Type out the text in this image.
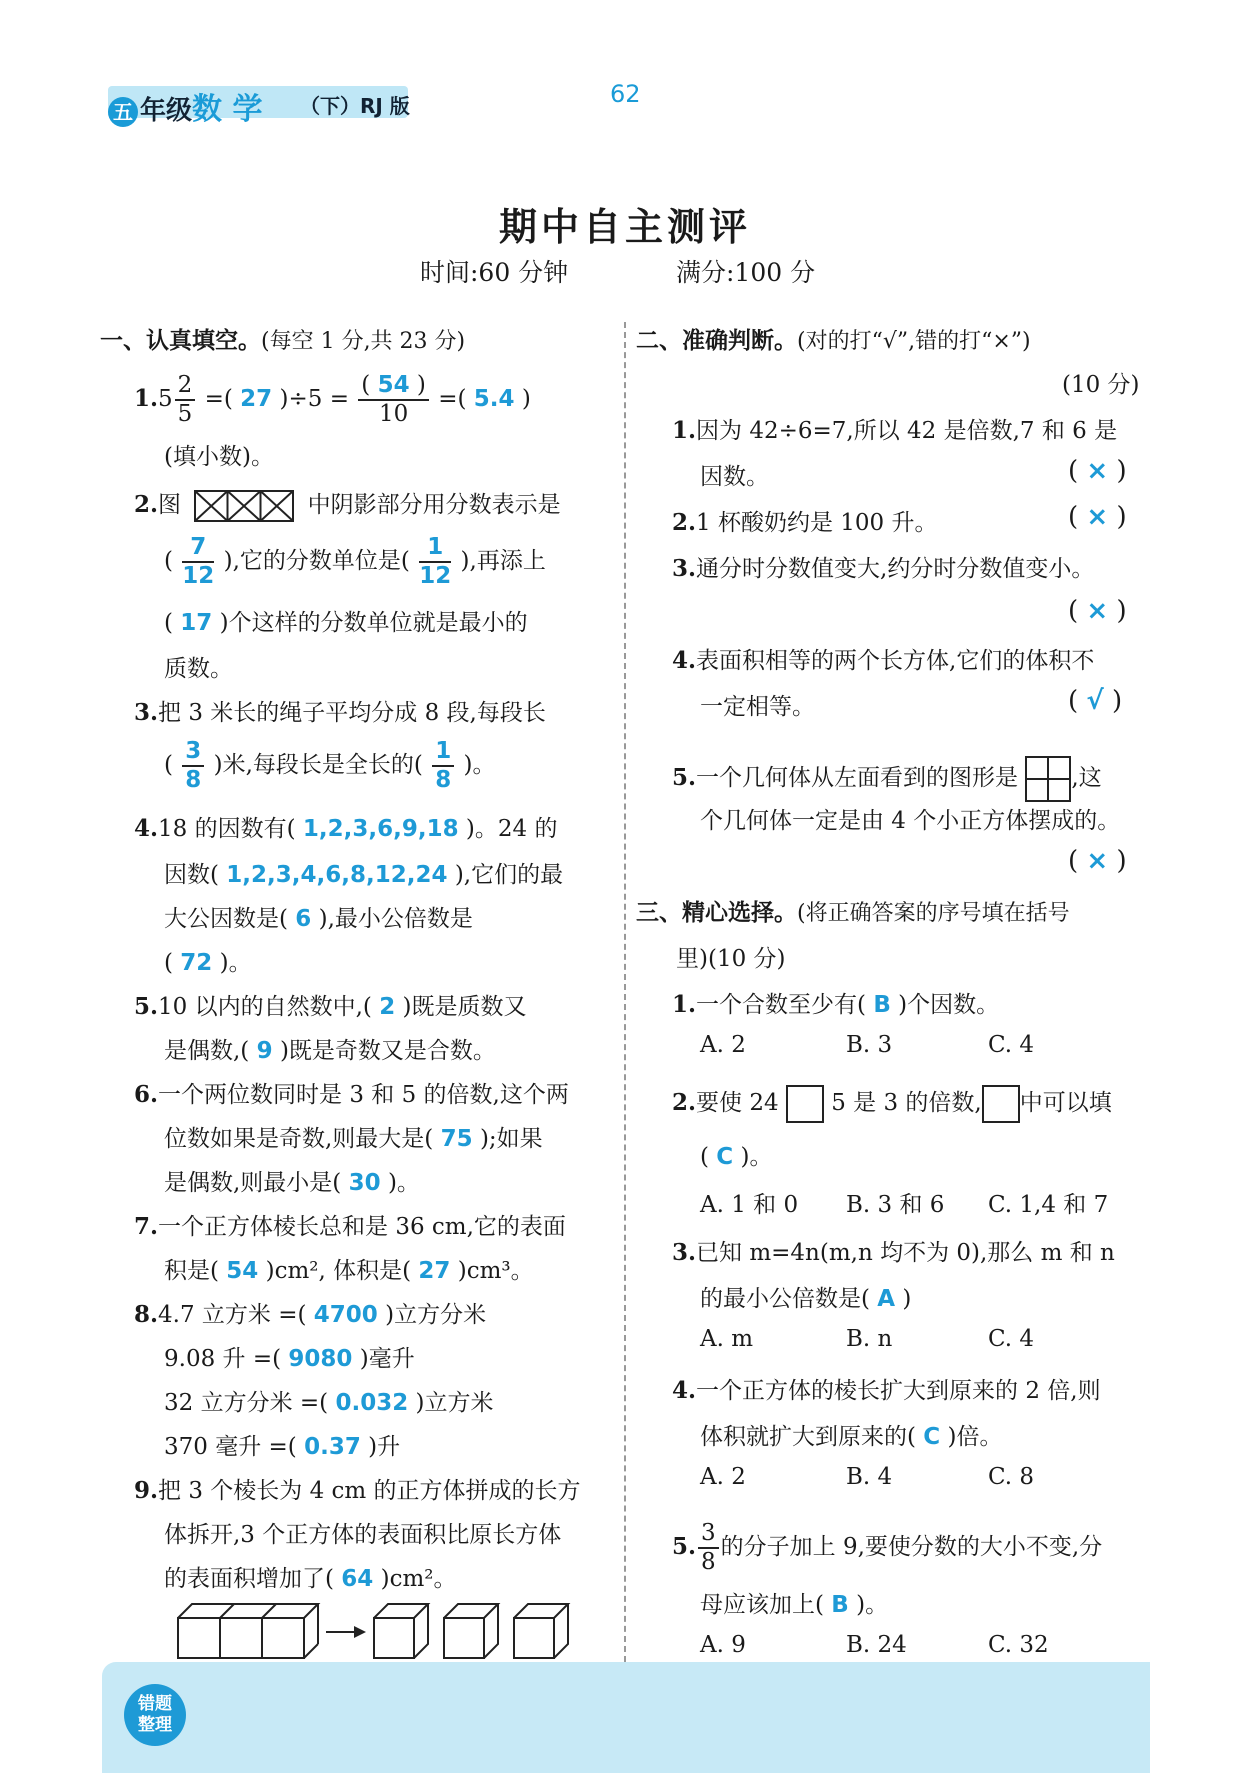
五 年级数 学 （下）RJ 版	62
期中自主测评
时间:60 分钟	满分:100 分
一、认真填空。(每空 1 分,共 23 分)
$1.5 \frac{2}{5}$ =( 27 )$\div 5 = \frac{( 54 )}{10}$ =( 5.4 )
(填小数)。
2.图	中阴影部分用分数表示是
( $\frac{7}{12}$ ),它的分数单位是( $\frac{1}{12}$ ),再添上
( 17 )个这样的分数单位就是最小的
质数。
3.把 3 米长的绳子平均分成 8 段,每段长
( $\frac{3}{8}$ )米,每段长是全长的( $\frac{1}{8}$ )。
4.18 的因数有( 1,2,3,6,9,18 )。24 的
因数( 1,2,3,4,6,8,12,24 ),它们的最
大公因数是( 6 ),最小公倍数是
( 72 )。
5.10 以内的自然数中,( 2 )既是质数又
是偶数,( 9 )既是奇数又是合数。
6.一个两位数同时是 3 和 5 的倍数,这个两
位数如果是奇数,则最大是( 75 );如果
是偶数,则最小是( 30 )。
7.一个正方体棱长总和是 36 cm,它的表面
积是( 54 )cm², 体积是( 27 )cm³。
8.4.7 立方米 =( 4700 )立方分米
9.08 升 =( 9080 )毫升
32 立方分米 =( 0.032 )立方米
370 毫升 =( 0.37 )升
9.把 3 个棱长为 4 cm 的正方体拼成的长方
体拆开,3 个正方体的表面积比原长方体
的表面积增加了( 64 )cm²。
二、准确判断。(对的打“√”,错的打“×”)
(10 分)
1.因为 42÷6=7,所以 42 是倍数,7 和 6 是
因数。	( × )
2.1 杯酸奶约是 100 升。	( × )
3.通分时分数值变大,约分时分数值变小。
( × )
4.表面积相等的两个长方体,它们的体积不
一定相等。	( √ )
5.一个几何体从左面看到的图形是 ,这
个几何体一定是由 4 个小正方体摆成的。
( × )
三、精心选择。(将正确答案的序号填在括号
里)(10 分)
1.一个合数至少有( B )个因数。
A. 2	B. 3	C. 4
2.要使 24 5 是 3 的倍数, 中可以填
( C )。
A. 1 和 0 B. 3 和 6 C. 1,4 和 7
3.已知 m=4n(m,n 均不为 0),那么 m 和 n
的最小公倍数是( A )
A. m	B. n	C. 4
4.一个正方体的棱长扩大到原来的 2 倍,则
体积就扩大到原来的( C )倍。
A. 2	B. 4	C. 8
5. $\frac{3}{8}$ 的分子加上 9,要使分数的大小不变,分
母应该加上( B )。
A. 9	B. 24	C. 32
错题
整理
